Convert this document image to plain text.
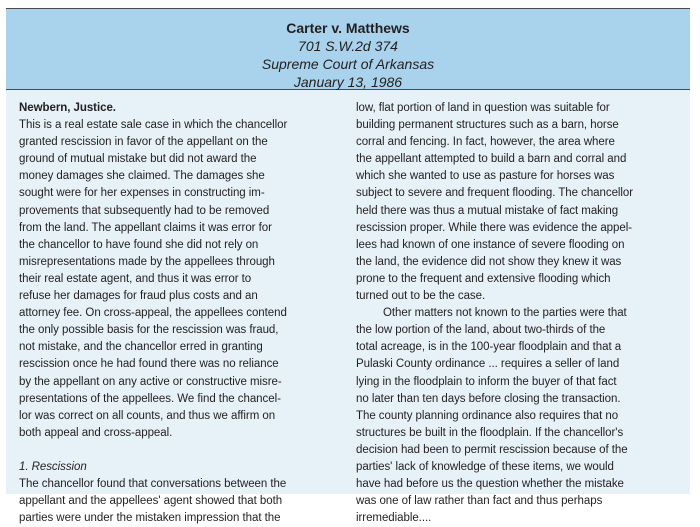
Carter v. Matthews
701 S.W.2d 374
Supreme Court of Arkansas
January 13, 1986
Newbern, Justice.
This is a real estate sale case in which the chancellor
granted rescission in favor of the appellant on the
ground of mutual mistake but did not award the
money damages she claimed. The damages she
sought were for her expenses in constructing im-
provements that subsequently had to be removed
from the land. The appellant claims it was error for
the chancellor to have found she did not rely on
misrepresentations made by the appellees through
their real estate agent, and thus it was error to
refuse her damages for fraud plus costs and an
attorney fee. On cross-appeal, the appellees contend
the only possible basis for the rescission was fraud,
not mistake, and the chancellor erred in granting
rescission once he had found there was no reliance
by the appellant on any active or constructive misre-
presentations of the appellees. We find the chancel-
lor was correct on all counts, and thus we affirm on
both appeal and cross-appeal.
1. Rescission
The chancellor found that conversations between the
appellant and the appellees' agent showed that both
parties were under the mistaken impression that the
low, flat portion of land in question was suitable for
building permanent structures such as a barn, horse
corral and fencing. In fact, however, the area where
the appellant attempted to build a barn and corral and
which she wanted to use as pasture for horses was
subject to severe and frequent flooding. The chancellor
held there was thus a mutual mistake of fact making
rescission proper. While there was evidence the appel-
lees had known of one instance of severe flooding on
the land, the evidence did not show they knew it was
prone to the frequent and extensive flooding which
turned out to be the case.
Other matters not known to the parties were that
the low portion of the land, about two-thirds of the
total acreage, is in the 100-year floodplain and that a
Pulaski County ordinance ... requires a seller of land
lying in the floodplain to inform the buyer of that fact
no later than ten days before closing the transaction.
The county planning ordinance also requires that no
structures be built in the floodplain. If the chancellor's
decision had been to permit rescission because of the
parties' lack of knowledge of these items, we would
have had before us the question whether the mistake
was one of law rather than fact and thus perhaps
irremediable....
